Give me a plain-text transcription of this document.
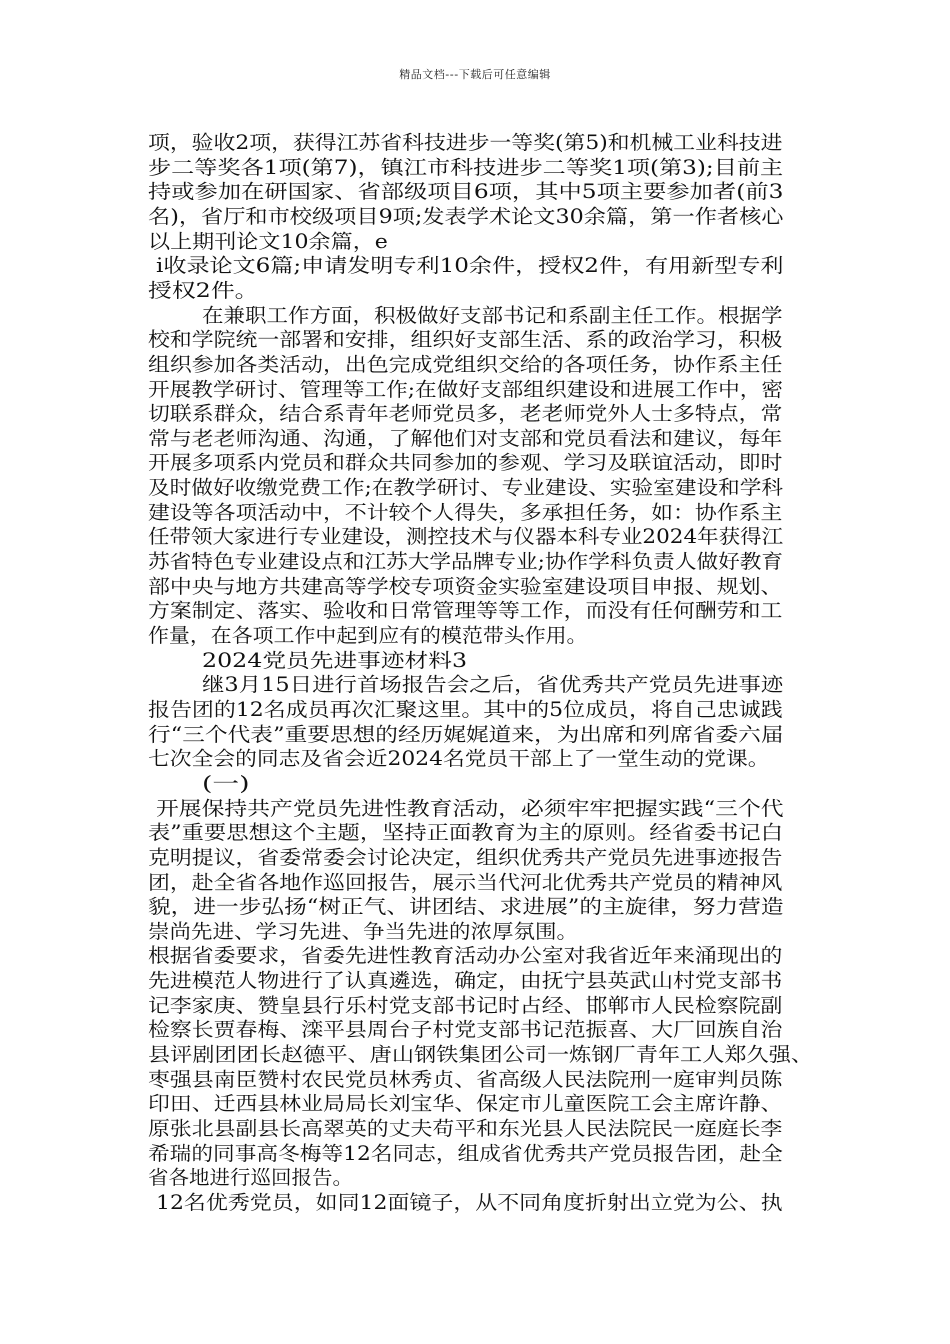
精品文档---下载后可任意编辑
项，验收2项，获得江苏省科技进步一等奖(第5)和机械工业科技进
步二等奖各1项(第7)，镇江市科技进步二等奖1项(第3);目前主
持或参加在研国家、省部级项目6项，其中5项主要参加者(前3
名)，省厅和市校级项目9项;发表学术论文30余篇，第一作者核心
以上期刊论文10余篇，e
i收录论文6篇;申请发明专利10余件，授权2件，有用新型专利
授权2件。
在兼职工作方面，积极做好支部书记和系副主任工作。根据学
校和学院统一部署和安排，组织好支部生活、系的政治学习，积极
组织参加各类活动，出色完成党组织交给的各项任务，协作系主任
开展教学研讨、管理等工作;在做好支部组织建设和进展工作中，密
切联系群众，结合系青年老师党员多，老老师党外人士多特点，常
常与老老师沟通、沟通，了解他们对支部和党员看法和建议，每年
开展多项系内党员和群众共同参加的参观、学习及联谊活动，即时
及时做好收缴党费工作;在教学研讨、专业建设、实验室建设和学科
建设等各项活动中，不计较个人得失，多承担任务，如：协作系主
任带领大家进行专业建设，测控技术与仪器本科专业2024年获得江
苏省特色专业建设点和江苏大学品牌专业;协作学科负责人做好教育
部中央与地方共建高等学校专项资金实验室建设项目申报、规划、
方案制定、落实、验收和日常管理等等工作，而没有任何酬劳和工
作量，在各项工作中起到应有的模范带头作用。
2024党员先进事迹材料3
继3月15日进行首场报告会之后，省优秀共产党员先进事迹
报告团的12名成员再次汇聚这里。其中的5位成员，将自己忠诚践
行“三个代表”重要思想的经历娓娓道来，为出席和列席省委六届
七次全会的同志及省会近2024名党员干部上了一堂生动的党课。
(一)
开展保持共产党员先进性教育活动，必须牢牢把握实践“三个代
表”重要思想这个主题，坚持正面教育为主的原则。经省委书记白
克明提议，省委常委会讨论决定，组织优秀共产党员先进事迹报告
团，赴全省各地作巡回报告，展示当代河北优秀共产党员的精神风
貌，进一步弘扬“树正气、讲团结、求进展”的主旋律，努力营造
崇尚先进、学习先进、争当先进的浓厚氛围。
根据省委要求，省委先进性教育活动办公室对我省近年来涌现出的
先进模范人物进行了认真遴选，确定，由抚宁县英武山村党支部书
记李家庚、赞皇县行乐村党支部书记时占经、邯郸市人民检察院副
检察长贾春梅、滦平县周台子村党支部书记范振喜、大厂回族自治
县评剧团团长赵德平、唐山钢铁集团公司一炼钢厂青年工人郑久强、
枣强县南臣赞村农民党员林秀贞、省高级人民法院刑一庭审判员陈
印田、迁西县林业局局长刘宝华、保定市儿童医院工会主席许静、
原张北县副县长高翠英的丈夫苟平和东光县人民法院民一庭庭长李
希瑞的同事高冬梅等12名同志，组成省优秀共产党员报告团，赴全
省各地进行巡回报告。
12名优秀党员，如同12面镜子，从不同角度折射出立党为公、执
